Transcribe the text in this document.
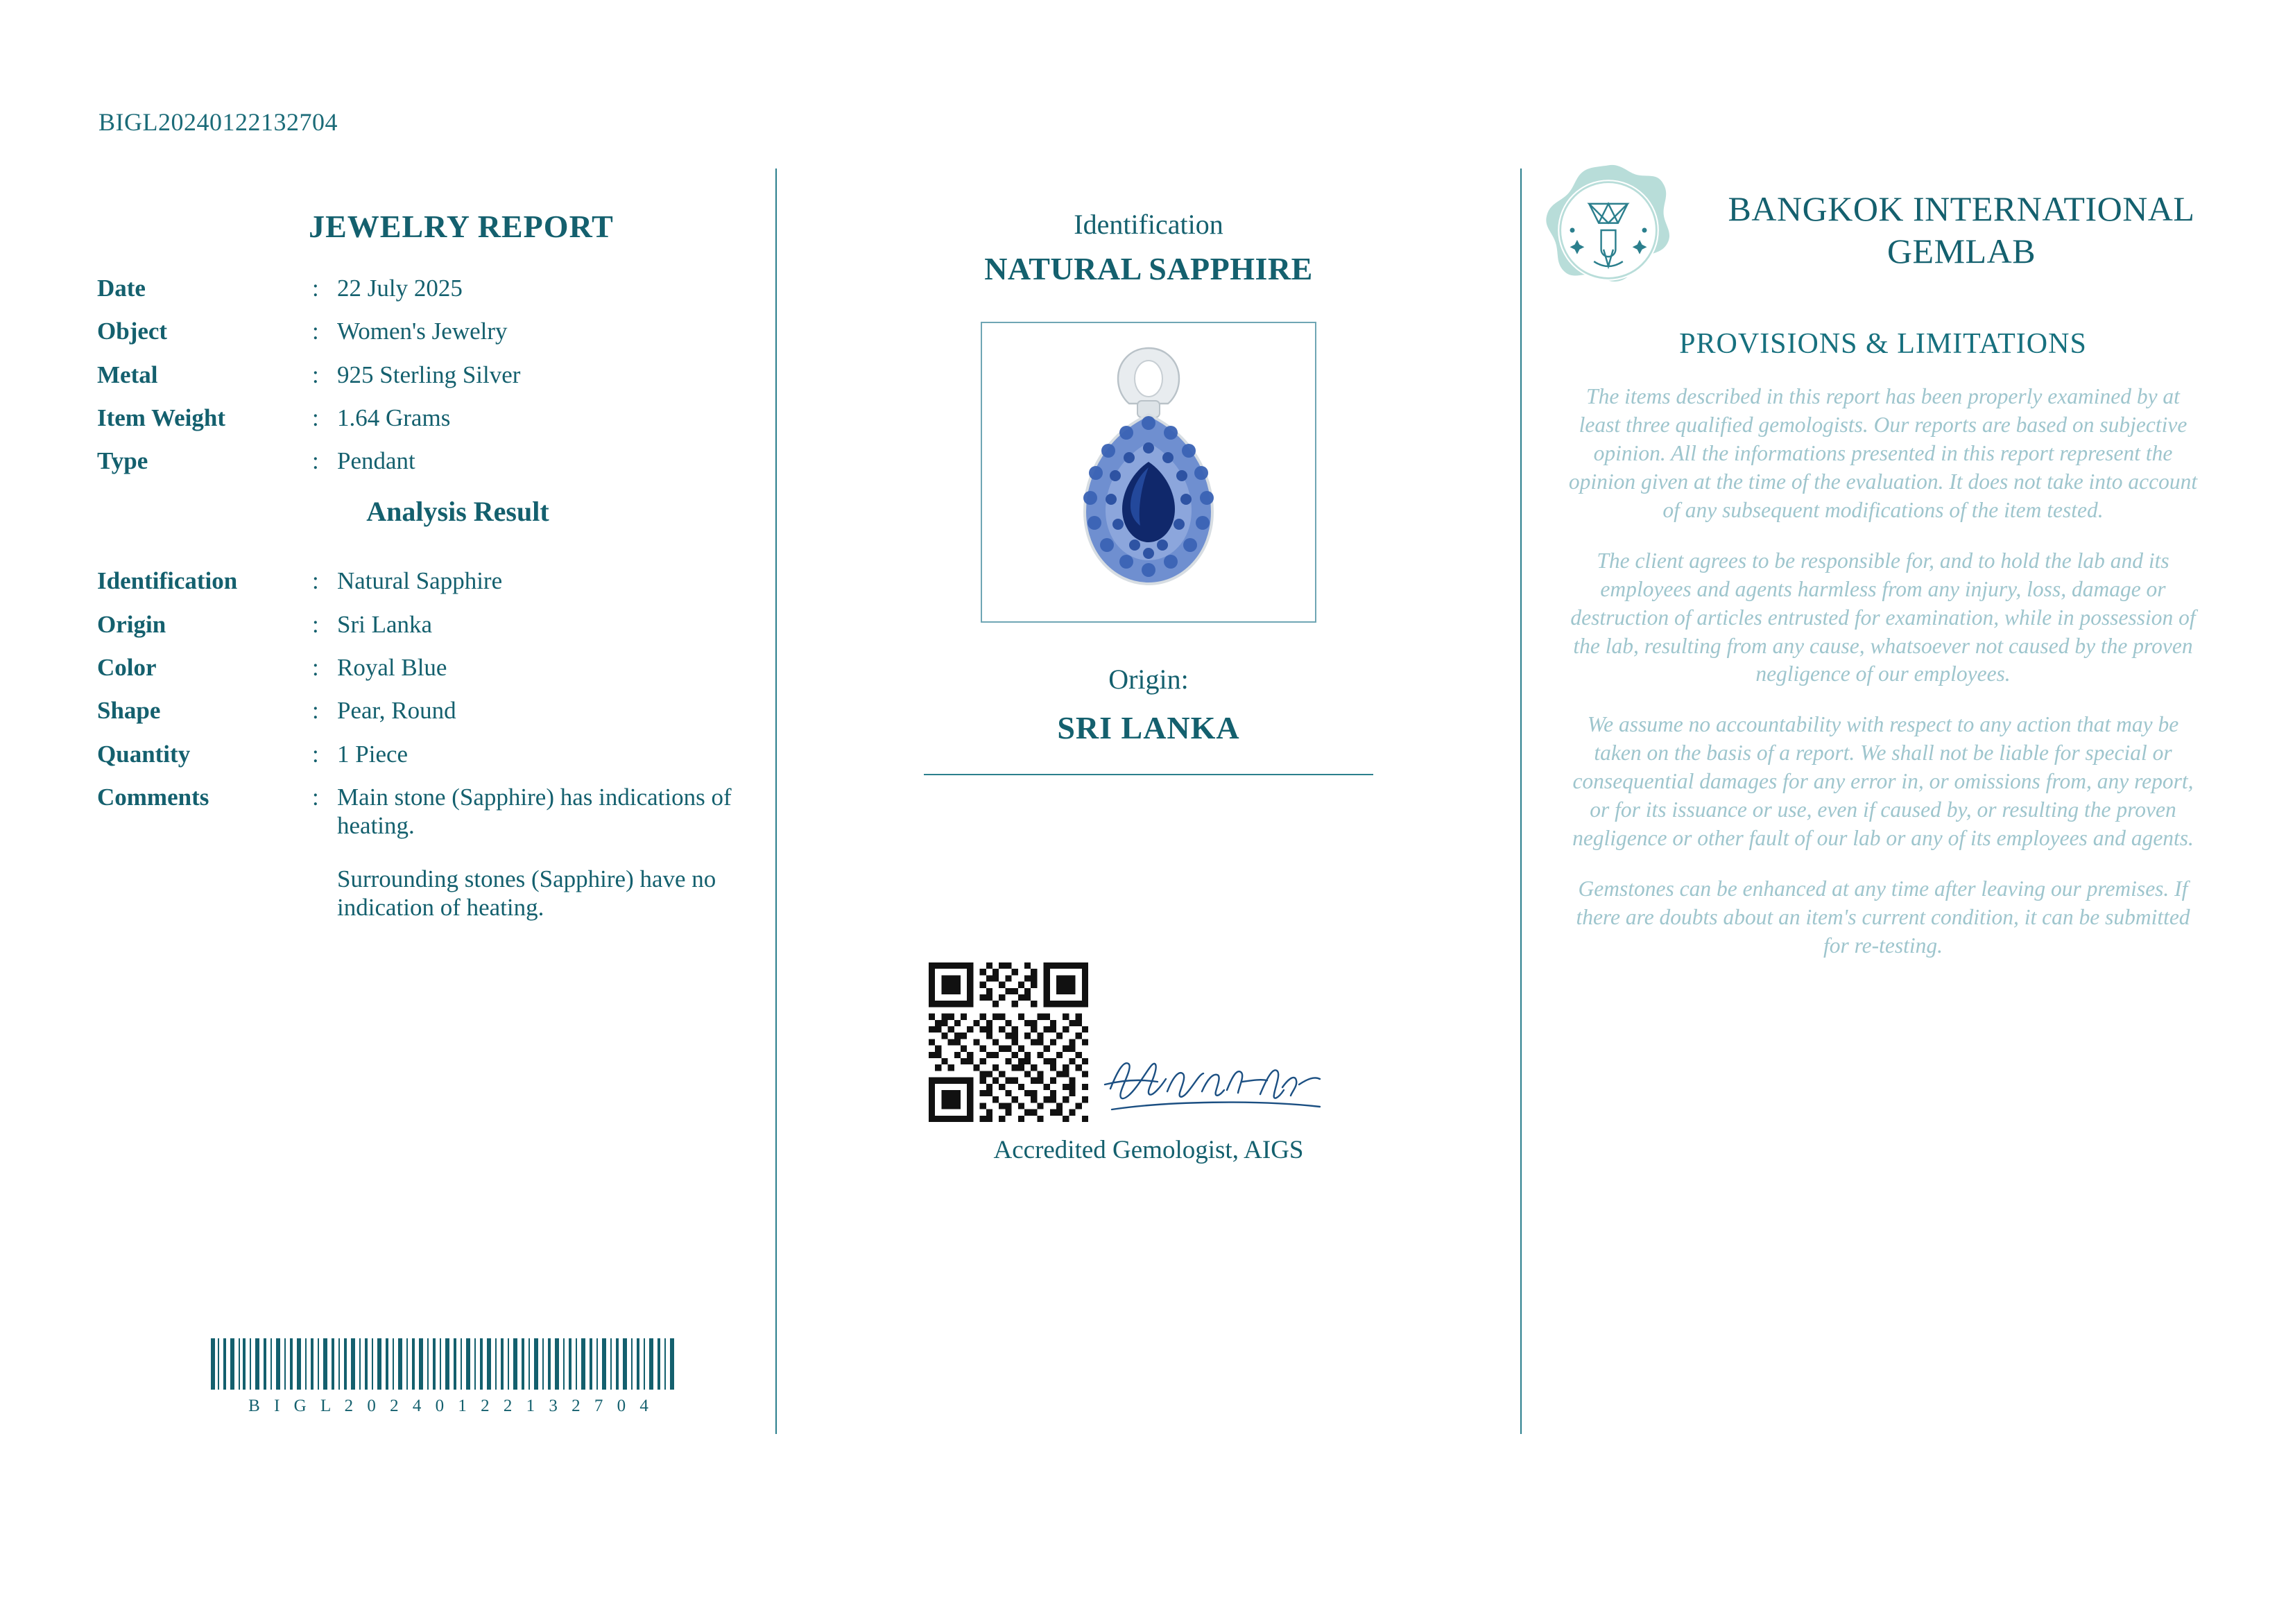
BIGL20240122132704
JEWELRY REPORT
Date	:	22 July 2025
Object	:	Women's Jewelry
Metal	:	925 Sterling Silver
Item Weight	:	1.64 Grams
Type	:	Pendant
Analysis Result
Identification	:	Natural Sapphire
Origin	:	Sri Lanka
Color	:	Royal Blue
Shape	:	Pear, Round
Quantity	:	1 Piece
Comments	:	Main stone (Sapphire) has indications of heating.
		Surrounding stones (Sapphire) have no indication of heating.
B I G L 2 0 2 4 0 1 2 2 1 3 2 7 0 4
Identification
NATURAL SAPPHIRE
Origin:
SRI LANKA

Accredited Gemologist, AIGS
BANGKOK INTERNATIONAL GEMLAB
PROVISIONS & LIMITATIONS
The items described in this report has been properly examined by at least three qualified gemologists. Our reports are based on subjective opinion. All the informations presented in this report represent the opinion given at the time of the evaluation. It does not take into account of any subsequent modifications of the item tested.
The client agrees to be responsible for, and to hold the lab and its employees and agents harmless from any injury, loss, damage or destruction of articles entrusted for examination, while in possession of the lab, resulting from any cause, whatsoever not caused by the proven negligence of our employees.
We assume no accountability with respect to any action that may be taken on the basis of a report. We shall not be liable for special or consequential damages for any error in, or omissions from, any report, or for its issuance or use, even if caused by, or resulting the proven negligence or other fault of our lab or any of its employees and agents.
Gemstones can be enhanced at any time after leaving our premises. If there are doubts about an item's current condition, it can be submitted for re-testing.
